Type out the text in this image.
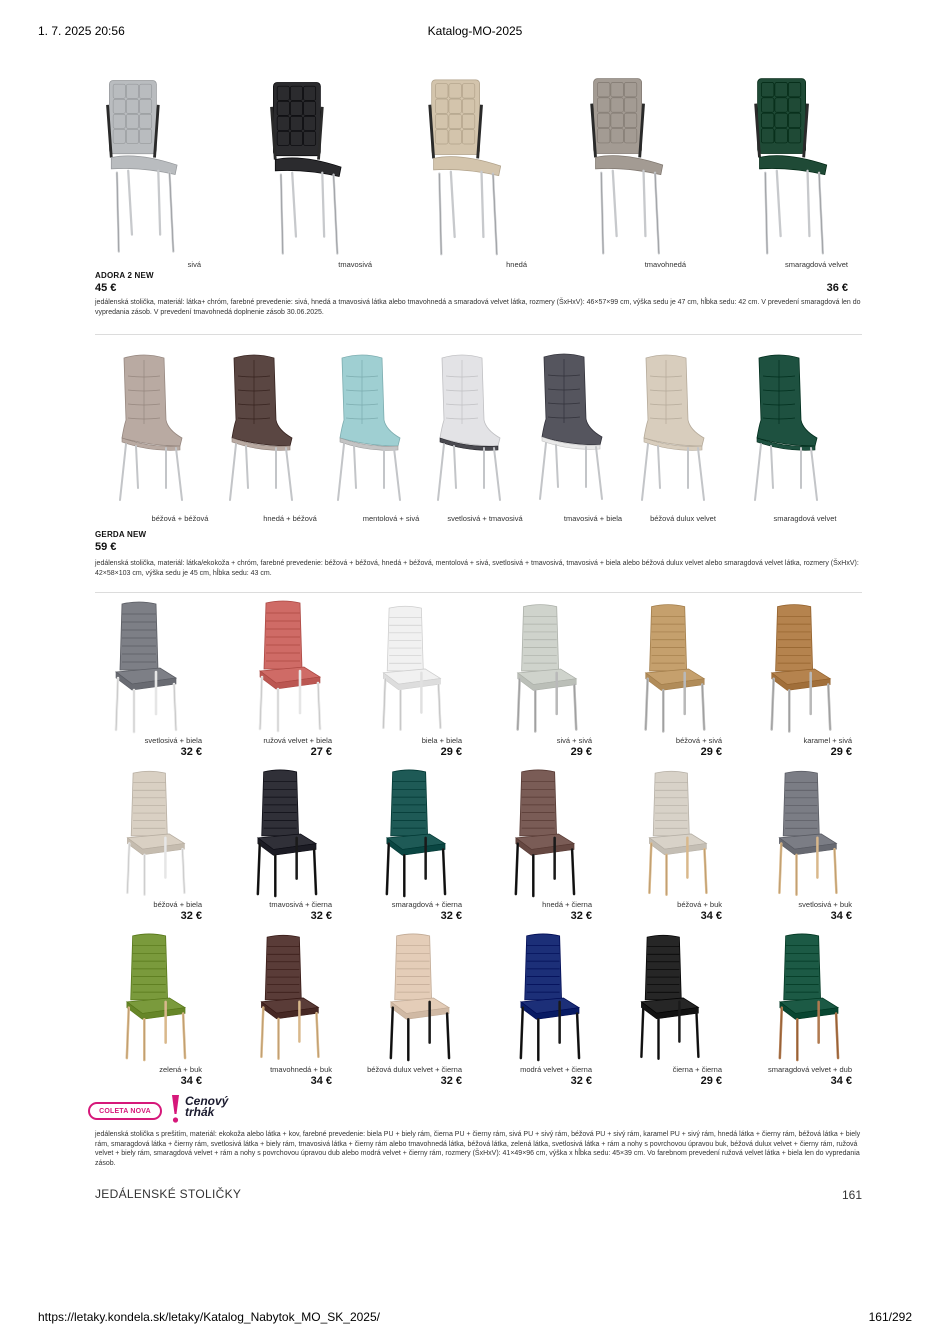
1. 7. 2025 20:56	Katalog-MO-2025
sivá	tmavosivá	hnedá	tmavohnedá	smaragdová velvet
ADORA 2 NEW
45 €	36 €

jedálenská stolička, materiál: látka+ chróm, farebné prevedenie: sivá, hnedá a tmavosivá látka alebo tmavohnedá a smaradová velvet látka, rozmery (ŠxHxV): 46×57×99 cm, výška sedu je 47 cm, hĺbka sedu: 42 cm. V prevedení smaragdová len do vypredania zásob. V prevedení tmavohnedá doplnenie zásob 30.06.2025.

béžová + béžová	hnedá + béžová	mentolová + sivá	svetlosivá + tmavosivá	tmavosivá + biela	béžová dulux velvet	smaragdová velvet
GERDA NEW
59 €

jedálenská stolička, materiál: látka/ekokoža + chróm, farebné prevedenie: béžová + béžová, hnedá + béžová, mentolová + sivá, svetlosivá + tmavosivá, tmavosivá + biela alebo béžová dulux velvet alebo smaragdová velvet látka, rozmery (ŠxHxV): 42×58×103 cm, výška sedu je 45 cm, hĺbka sedu: 43 cm.

svetlosivá + biela
32 €
ružová velvet + biela
27 €
biela + biela
29 €
sivá + sivá
29 €
béžová + sivá
29 €
karamel + sivá
29 €
béžová + biela
32 €
tmavosivá + čierna
32 €
smaragdová + čierna
32 €
hnedá + čierna
32 €
béžová + buk
34 €
svetlosivá + buk
34 €
zelená + buk
34 €
tmavohnedá + buk
34 €
béžová dulux velvet + čierna
32 €
modrá velvet + čierna
32 €
čierna + čierna
29 €
smaragdová velvet + dub
34 €
COLETA NOVA
Cenový
trhák

jedálenská stolička s prešitím, materiál: ekokoža alebo látka + kov, farebné prevedenie: biela PU + biely rám, čierna PU + čierny rám, sivá PU + sivý rám, béžová PU + sivý rám, karamel PU + sivý rám, hnedá látka + čierny rám, béžová látka + biely rám, smaragdová látka + čierny rám, svetlosivá látka + biely rám, tmavosivá látka + čierny rám alebo tmavohnedá látka, béžová látka, zelená látka, svetlosivá látka + rám a nohy s povrchovou úpravou buk, béžová dulux velvet + čierny rám, ružová velvet + biely rám, smaragdová velvet + rám a nohy s povrchovou úpravou dub alebo modrá velvet + čierny rám, rozmery (ŠxHxV): 41×49×96 cm, výška x hĺbka sedu: 45×39 cm. Vo farebnom prevedení ružová velvet látka + biela len do vypredania zásob.

JEDÁLENSKÉ STOLIČKY	161
https://letaky.kondela.sk/letaky/Katalog_Nabytok_MO_SK_2025/	161/292
